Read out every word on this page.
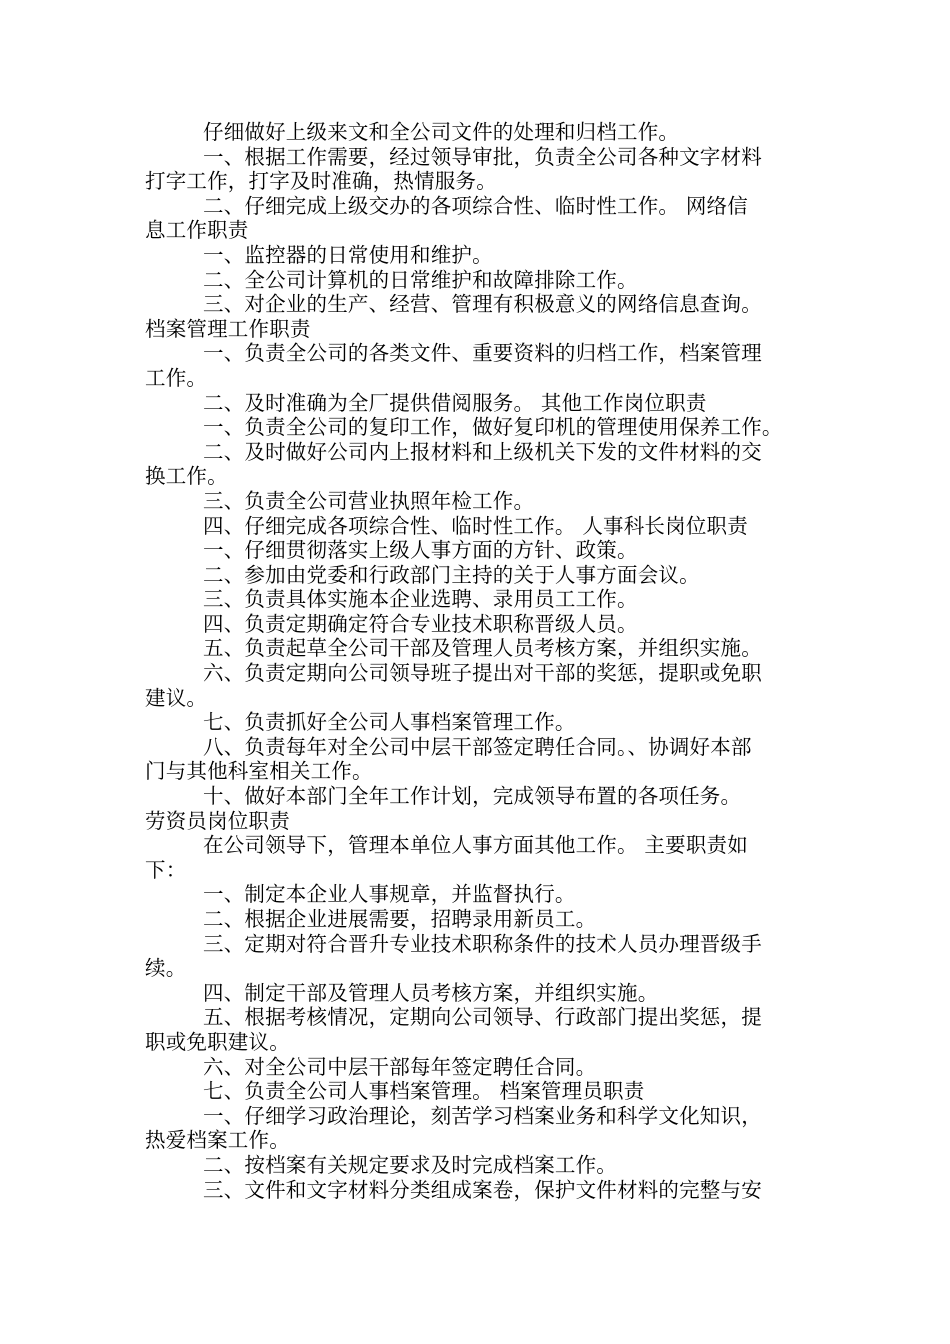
仔细做好上级来文和全公司文件的处理和归档工作。
一、根据工作需要，经过领导审批，负责全公司各种文字材料
打字工作，打字及时准确，热情服务。
二、仔细完成上级交办的各项综合性、临时性工作。 网络信
息工作职责
一、监控器的日常使用和维护。
二、全公司计算机的日常维护和故障排除工作。
三、对企业的生产、经营、管理有积极意义的网络信息查询。
档案管理工作职责
一、负责全公司的各类文件、重要资料的归档工作，档案管理
工作。
二、及时准确为全厂提供借阅服务。 其他工作岗位职责
一、负责全公司的复印工作，做好复印机的管理使用保养工作。
二、及时做好公司内上报材料和上级机关下发的文件材料的交
换工作。
三、负责全公司营业执照年检工作。
四、仔细完成各项综合性、临时性工作。 人事科长岗位职责
一、仔细贯彻落实上级人事方面的方针、政策。
二、参加由党委和行政部门主持的关于人事方面会议。
三、负责具体实施本企业选聘、录用员工工作。
四、负责定期确定符合专业技术职称晋级人员。
五、负责起草全公司干部及管理人员考核方案，并组织实施。
六、负责定期向公司领导班子提出对干部的奖惩，提职或免职
建议。
七、负责抓好全公司人事档案管理工作。
八、负责每年对全公司中层干部签定聘任合同。、协调好本部
门与其他科室相关工作。
十、做好本部门全年工作计划，完成领导布置的各项任务。
劳资员岗位职责
在公司领导下，管理本单位人事方面其他工作。 主要职责如
下：
一、制定本企业人事规章，并监督执行。
二、根据企业进展需要，招聘录用新员工。
三、定期对符合晋升专业技术职称条件的技术人员办理晋级手
续。
四、制定干部及管理人员考核方案，并组织实施。
五、根据考核情况，定期向公司领导、行政部门提出奖惩，提
职或免职建议。
六、对全公司中层干部每年签定聘任合同。
七、负责全公司人事档案管理。 档案管理员职责
一、仔细学习政治理论，刻苦学习档案业务和科学文化知识，
热爱档案工作。
二、按档案有关规定要求及时完成档案工作。
三、文件和文字材料分类组成案卷，保护文件材料的完整与安
